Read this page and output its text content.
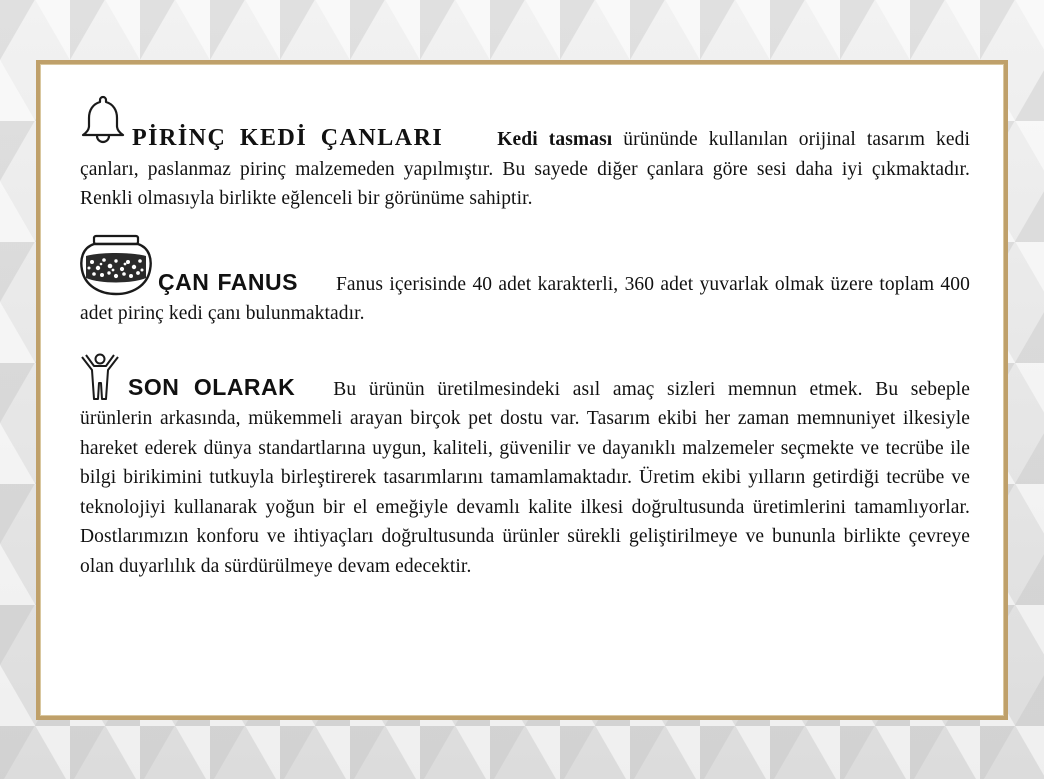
PİRİNÇ KEDİ ÇANLARI	Kedi tasması ürününde kullanılan orijinal tasarım kedi çanları, paslanmaz pirinç malzemeden yapılmıştır. Bu sayede diğer çanlara göre sesi daha iyi çıkmaktadır. Renkli olmasıyla birlikte eğlenceli bir görünüme sahiptir.

ÇAN FANUS Fanus içerisinde 40 adet karakterli, 360 adet yuvarlak olmak üzere toplam 400 adet pirinç kedi çanı bulunmaktadır.

SON OLARAK Bu ürünün üretilmesindeki asıl amaç sizleri memnun etmek. Bu sebeple ürünlerin arkasında, mükemmeli arayan birçok pet dostu var. Tasarım ekibi her zaman memnuniyet ilkesiyle hareket ederek dünya standartlarına uygun, kaliteli, güvenilir ve dayanıklı malzemeler seçmekte ve tecrübe ile bilgi birikimini tutkuyla birleştirerek tasarımlarını tamamlamaktadır. Üretim ekibi yılların getirdiği tecrübe ve teknolojiyi kullanarak yoğun bir el emeğiyle devamlı kalite ilkesi doğrultusunda üretimlerini tamamlıyorlar. Dostlarımızın konforu ve ihtiyaçları doğrultusunda ürünler sürekli geliştirilmeye ve bununla birlikte çevreye olan duyarlılık da sürdürülmeye devam edecektir.
